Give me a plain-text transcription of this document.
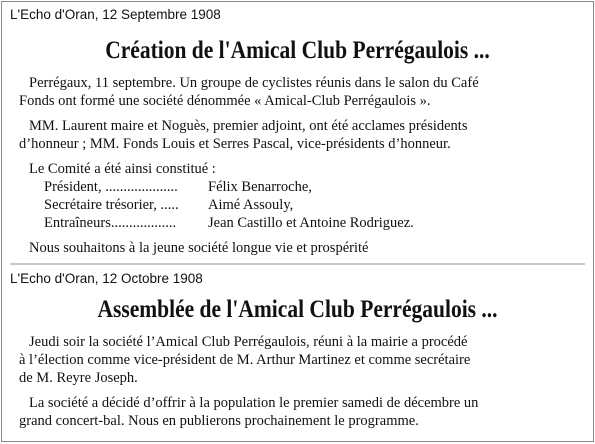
L'Echo d'Oran, 12 Septembre 1908
Création de l'Amical Club Perrégaulois ...
Perrégaux, 11 septembre. Un groupe de cyclistes réunis dans le salon du Café
Fonds ont formé une société dénommée « Amical-Club Perrégaulois ».
MM. Laurent maire et Noguès, premier adjoint, ont été acclames présidents
d’honneur ; MM. Fonds Louis et Serres Pascal, vice-présidents d’honneur.
Le Comité a été ainsi constitué :
Président, ....................	Félix Benarroche,
Secrétaire trésorier, .....	Aimé Assouly,
Entraîneurs..................	Jean Castillo et Antoine Rodriguez.
Nous souhaitons à la jeune société longue vie et prospérité
L'Echo d'Oran, 12 Octobre 1908
Assemblée de l'Amical Club Perrégaulois ...
Jeudi soir la société l’Amical Club Perrégaulois, réuni à la mairie a procédé
à l’élection comme vice-président de M. Arthur Martinez et comme secrétaire
de M. Reyre Joseph.
La société a décidé d’offrir à la population le premier samedi de décembre un
grand concert-bal. Nous en publierons prochainement le programme.
